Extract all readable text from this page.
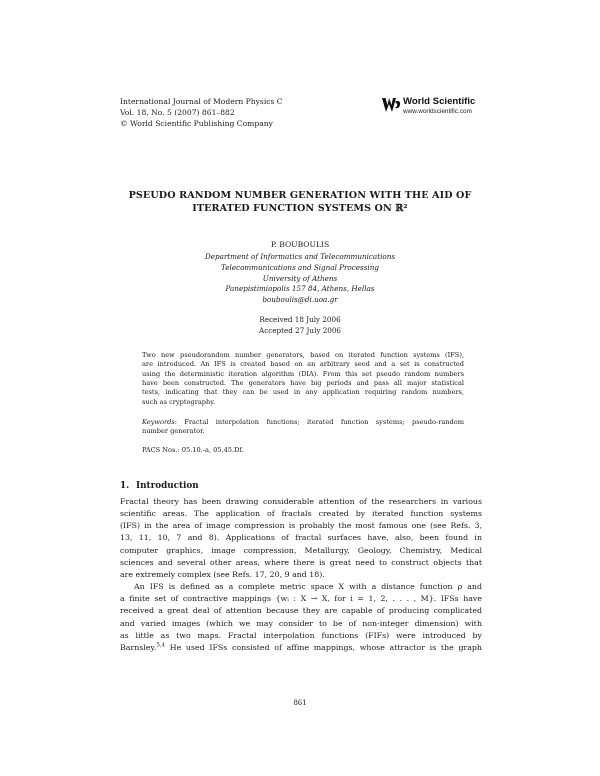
International Journal of Modern Physics C
Vol. 18, No. 5 (2007) 861–882
© World Scientific Publishing Company
World Scientific
www.worldscientific.com
PSEUDO RANDOM NUMBER GENERATION WITH THE AID OF
ITERATED FUNCTION SYSTEMS ON ℝ²
P. BOUBOULIS
Department of Informatics and Telecommunications
Telecommunications and Signal Processing
University of Athens
Panepistimiopolis 157 84, Athens, Hellas
bouboulis@di.uoa.gr
Received 18 July 2006
Accepted 27 July 2006
Two new pseudorandom number generators, based on iterated function systems (IFS),
are introduced. An IFS is created based on an arbitrary seed and a set is constructed
using the deterministic iteration algorithm (DIA). From this set pseudo random numbers
have been constructed. The generators have big periods and pass all major statistical
tests, indicating that they can be used in any application requiring random numbers,
such as cryptography.
Keywords: Fractal interpolation functions; iterated function systems; pseudo-random
number generator.
PACS Nos.: 05.10.-a, 05.45.Df.
1. Introduction
Fractal theory has been drawing considerable attention of the researchers in various
scientific areas. The application of fractals created by iterated function systems
(IFS) in the area of image compression is probably the most famous one (see Refs. 3,
13, 11, 10, 7 and 8). Applications of fractal surfaces have, also, been found in
computer graphics, image compression, Metallurgy, Geology, Chemistry, Medical
sciences and several other areas, where there is great need to construct objects that
are extremely complex (see Refs. 17, 20, 9 and 18).
An IFS is defined as a complete metric space X with a distance function ρ and
a finite set of contractive mappings {wᵢ : X → X, for i = 1, 2, . . . , M}. IFSs have
received a great deal of attention because they are capable of producing complicated
and varied images (which we may consider to be of non-integer dimension) with
as little as two maps. Fractal interpolation functions (FIFs) were introduced by
Barnsley.$^{5,4}$ He used IFSs consisted of affine mappings, whose attractor is the graph
861
